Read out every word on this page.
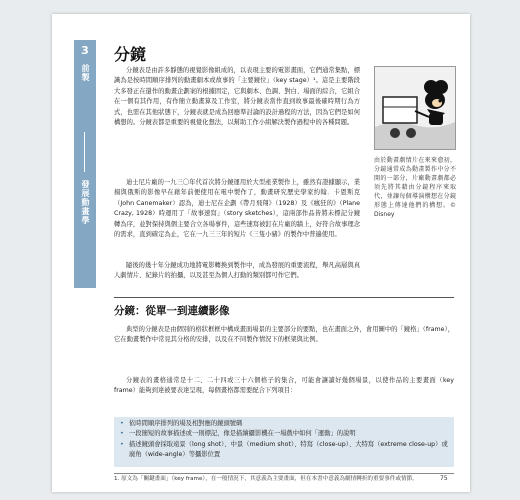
3
前製
發展動畫學
分鏡
分鏡表是由許多靜態的視覺影像組成的，以表現主要的電影畫面，它們通常集點，標識為是按時間順序排列的動畫劇本或故事的「主要鏡位」（key stage）¹。這是主要階段大多發正在還作的動畫企劃案的根據固定，它與劇本、色調、對白、場面的綜合，它組合在一個有其作用，有作簡立動畫算及工作室，將分鏡表當作直到故事最後確時期行為方式，也需在其他狀態下，分鏡表就是成為回應準討論的設計過程的方法，因為它們是如何構想的。分鏡表都是重要的視覺化想法，以幫助工作小組解決製作過程中的各種問題。
迪士尼片廠的一九三〇年代首次將分鏡運用於大型產業製作上，雖然有證據顯示，業揚與俄斯的影像早在藉年前便使用在電中製作了，動畫研究歷史學家約翰．卡恩斯克（John Canemaker）認為，迪士尼在企劃《帶月飛翔》（1928）及《瘋狂的》（Plane Crazy, 1928）時運用了「故事速寫」（story sketches），這兩部作品皆將未標記分鏡轉為序，並對保持與個主要合立各場事件，這些速寫被釘在片廠的牆上，好符合故事理念的需求，直到確定為止，它在一九三三年的短片《三隻小豬》的製作中普遍使用。
隨後的幾十年分鏡成功地將電影轉換到製作中，成為發展的重要流程，舉凡高層與真人劇情片、紀錄片的拍攝，以及甚至為個人打動的類別都可作它們。
由於動畫劇情片在來來愈初，分鏡通常成為動畫製作中分不開的一部分，片廠動畫劇都必須先將其藉由分鏡程序來取代，並讓每個導演構想在分鏡形態上傳達他們的構想。© Disney
分鏡：從單一到連續影像
典型的分鏡表是由個別的格狀框框中構成畫面場景的主要部分的要點，也在畫面之外，會用圖中的「鏡格」（frame），它在動畫製作中常見其分格的安排，以及在不同製作情況下的框架與比例。
分鏡表的畫格通常是十二、二十四或三十六個格子的集合，可能會讓讀好幾個場景，以使作品的主要畫面（key frame）能夠到達被要表達呈現，每個畫格都需要配合下列項目：
• 依時間順序排列的場及相對應的鏡頭號碼
• 一段簡短的故事描述或一則標記，像是描繪攝影機在一場戲中如何「運動」的說明
• 描述鏡頭會採取遠景（long shot）、中景（medium shot）、特寫（close-up）、大特寫（extreme close-up）或廣角（wide-angle）等攝影位置
1. 原文為「關鍵畫面」（key frame），在一般情況下，其意義為主要畫面，但在本書中意義為劇情轉折的重要事件或情節。	75
